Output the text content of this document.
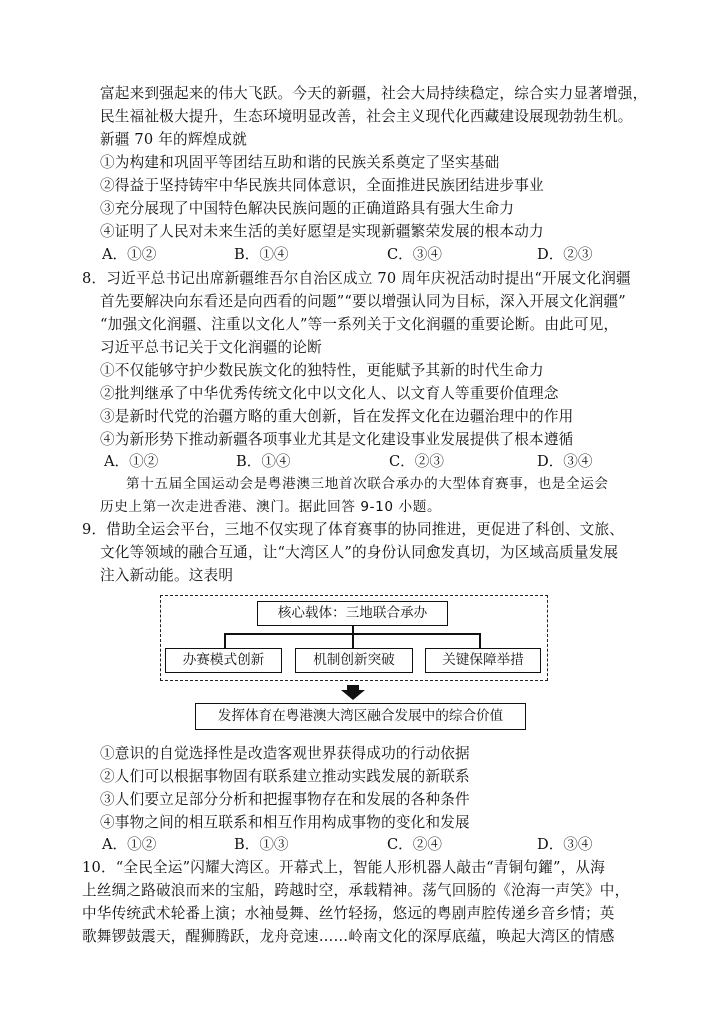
富起来到强起来的伟大飞跃。今天的新疆，社会大局持续稳定，综合实力显著增强，
民生福祉极大提升，生态环境明显改善，社会主义现代化西藏建设展现勃勃生机。
新疆 70 年的辉煌成就
①为构建和巩固平等团结互助和谐的民族关系奠定了坚实基础
②得益于坚持铸牢中华民族共同体意识，全面推进民族团结进步事业
③充分展现了中国特色解决民族问题的正确道路具有强大生命力
④证明了人民对未来生活的美好愿望是实现新疆繁荣发展的根本动力
A．①②	B．①④	C．③④	D．②③
8．习近平总书记出席新疆维吾尔自治区成立 70 周年庆祝活动时提出“开展文化润疆
首先要解决向东看还是向西看的问题”“要以增强认同为目标，深入开展文化润疆”
“加强文化润疆、注重以文化人”等一系列关于文化润疆的重要论断。由此可见，
习近平总书记关于文化润疆的论断
①不仅能够守护少数民族文化的独特性，更能赋予其新的时代生命力
②批判继承了中华优秀传统文化中以文化人、以文育人等重要价值理念
③是新时代党的治疆方略的重大创新，旨在发挥文化在边疆治理中的作用
④为新形势下推动新疆各项事业尤其是文化建设事业发展提供了根本遵循
A．①②	B．①④	C．②③	D．③④
第十五届全国运动会是粤港澳三地首次联合承办的大型体育赛事，也是全运会
历史上第一次走进香港、澳门。据此回答 9-10 小题。
9．借助全运会平台，三地不仅实现了体育赛事的协同推进，更促进了科创、文旅、
文化等领域的融合互通，让“大湾区人”的身份认同愈发真切，为区域高质量发展
注入新动能。这表明
核心载体：三地联合承办
办赛模式创新	机制创新突破	关键保障举措
发挥体育在粤港澳大湾区融合发展中的综合价值
①意识的自觉选择性是改造客观世界获得成功的行动依据
②人们可以根据事物固有联系建立推动实践发展的新联系
③人们要立足部分分析和把握事物存在和发展的各种条件
④事物之间的相互联系和相互作用构成事物的变化和发展
A．①②	B．①③	C．②④	D．③④
10．“全民全运”闪耀大湾区。开幕式上，智能人形机器人敲击“青铜句鑃”，从海
上丝绸之路破浪而来的宝船，跨越时空，承载精神。荡气回肠的《沧海一声笑》中，
中华传统武术轮番上演；水袖曼舞、丝竹轻扬，悠远的粤剧声腔传递乡音乡情；英
歌舞锣鼓震天，醒狮腾跃，龙舟竞速……岭南文化的深厚底蕴，唤起大湾区的情感
